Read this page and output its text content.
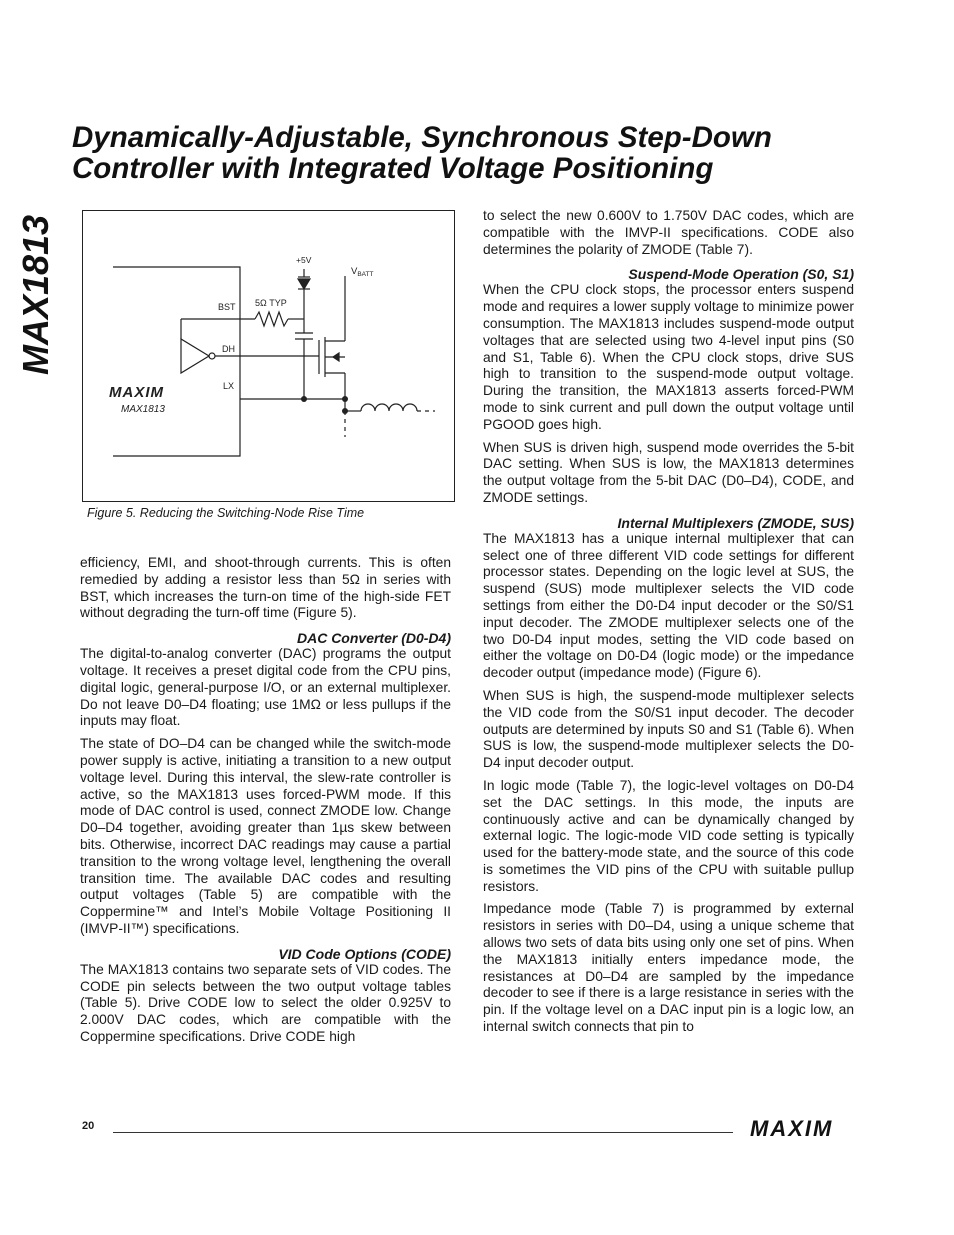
Dynamically-Adjustable, Synchronous Step-Down
Controller with Integrated Voltage Positioning
MAX1813	+5V
$V_{BATT}$
5Ω TYP
BST
DH
LX
MAXIM
MAX1813

Figure 5. Reducing the Switching-Node Rise Time

efficiency, EMI, and shoot-through currents. This is often remedied by adding a resistor less than 5Ω in series with BST, which increases the turn-on time of the high-side FET without degrading the turn-off time (Figure 5).

DAC Converter (D0-D4)

The digital-to-analog converter (DAC) programs the output voltage. It receives a preset digital code from the CPU pins, digital logic, general-purpose I/O, or an external multiplexer. Do not leave D0–D4 floating; use 1MΩ or less pullups if the inputs may float.

The state of DO–D4 can be changed while the switch-mode power supply is active, initiating a transition to a new output voltage level. During this interval, the slew-rate controller is active, so the MAX1813 uses forced-PWM mode. If this mode of DAC control is used, connect ZMODE low. Change D0–D4 together, avoiding greater than 1µs skew between bits. Otherwise, incorrect DAC readings may cause a partial transition to the wrong voltage level, lengthening the overall transition time. The available DAC codes and resulting output voltages (Table 5) are compatible with the Coppermine™ and Intel’s Mobile Voltage Positioning II (IMVP-II™) specifications.

VID Code Options (CODE)

The MAX1813 contains two separate sets of VID codes. The CODE pin selects between the two output voltage tables (Table 5). Drive CODE low to select the older 0.925V to 2.000V DAC codes, which are compatible with the Coppermine specifications. Drive CODE high

to select the new 0.600V to 1.750V DAC codes, which are compatible with the IMVP-II specifications. CODE also determines the polarity of ZMODE (Table 7).

Suspend-Mode Operation (S0, S1)

When the CPU clock stops, the processor enters suspend mode and requires a lower supply voltage to minimize power consumption. The MAX1813 includes suspend-mode output voltages that are selected using two 4-level input pins (S0 and S1, Table 6). When the CPU clock stops, drive SUS high to transition to the suspend-mode output voltage. During the transition, the MAX1813 asserts forced-PWM mode to sink current and pull down the output voltage until PGOOD goes high.

When SUS is driven high, suspend mode overrides the 5-bit DAC setting. When SUS is low, the MAX1813 determines the output voltage from the 5-bit DAC (D0–D4), CODE, and ZMODE settings.

Internal Multiplexers (ZMODE, SUS)

The MAX1813 has a unique internal multiplexer that can select one of three different VID code settings for different processor states. Depending on the logic level at SUS, the suspend (SUS) mode multiplexer selects the VID code settings from either the D0-D4 input decoder or the S0/S1 input decoder. The ZMODE multiplexer selects one of the two D0-D4 input modes, setting the VID code based on either the voltage on D0-D4 (logic mode) or the impedance decoder output (impedance mode) (Figure 6).

When SUS is high, the suspend-mode multiplexer selects the VID code from the S0/S1 input decoder. The decoder outputs are determined by inputs S0 and S1 (Table 6). When SUS is low, the suspend-mode multiplexer selects the D0-D4 input decoder output.

In logic mode (Table 7), the logic-level voltages on D0-D4 set the DAC settings. In this mode, the inputs are continuously active and can be dynamically changed by external logic. The logic-mode VID code setting is typically used for the battery-mode state, and the source of this code is sometimes the VID pins of the CPU with suitable pullup resistors.

Impedance mode (Table 7) is programmed by external resistors in series with D0–D4, using a unique scheme that allows two sets of data bits using only one set of pins. When the MAX1813 initially enters impedance mode, the resistances at D0–D4 are sampled by the impedance decoder to see if there is a large resistance in series with the pin. If the voltage level on a DAC input pin is a logic low, an internal switch connects that pin to

20	MAXIM
